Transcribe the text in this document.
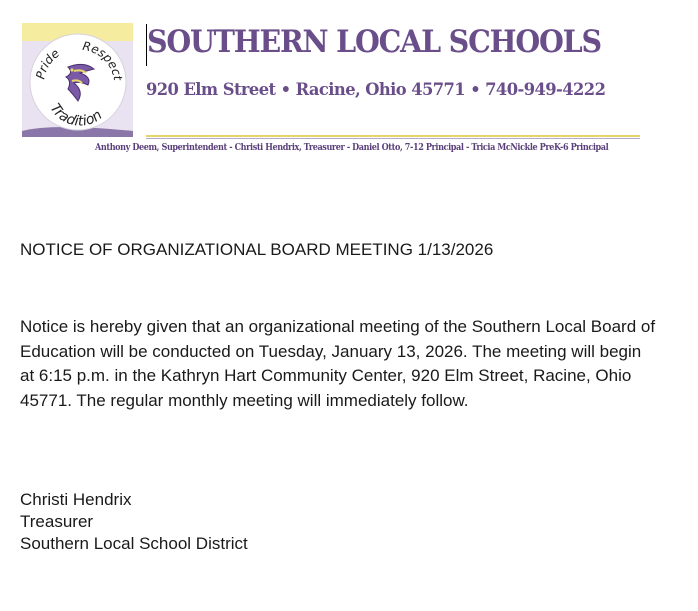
Pride Respect
Tradition
SOUTHERN LOCAL SCHOOLS
920 Elm Street • Racine, Ohio 45771 • 740-949-4222
Anthony Deem, Superintendent - Christi Hendrix, Treasurer - Daniel Otto, 7-12 Principal - Tricia McNickle PreK-6 Principal
NOTICE OF ORGANIZATIONAL BOARD MEETING 1/13/2026
Notice is hereby given that an organizational meeting of the Southern Local Board of Education will be conducted on Tuesday, January 13, 2026. The meeting will begin at 6:15 p.m. in the Kathryn Hart Community Center, 920 Elm Street, Racine, Ohio 45771. The regular monthly meeting will immediately follow.
Christi Hendrix
Treasurer
Southern Local School District
